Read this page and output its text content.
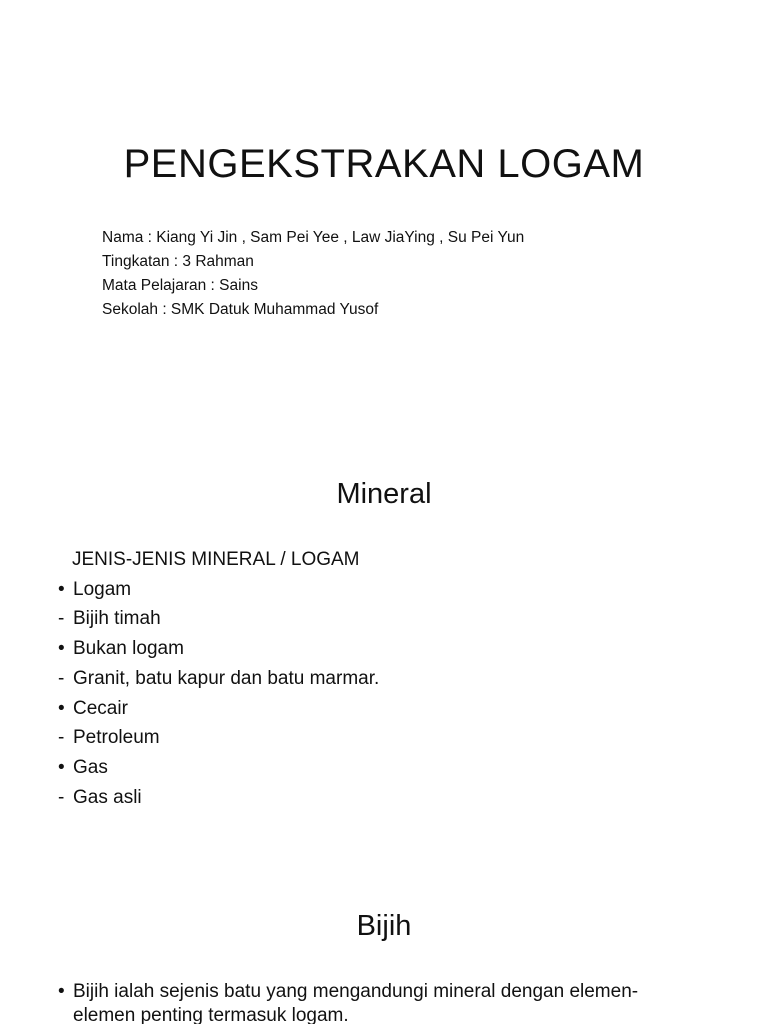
PENGEKSTRAKAN LOGAM
Nama : Kiang Yi Jin , Sam Pei Yee , Law JiaYing , Su Pei Yun
Tingkatan : 3 Rahman
Mata Pelajaran : Sains
Sekolah : SMK Datuk Muhammad Yusof
Mineral
JENIS-JENIS MINERAL / LOGAM
• Logam
- Bijih timah
• Bukan logam
- Granit, batu kapur dan batu marmar.
• Cecair
- Petroleum
• Gas
- Gas asli
Bijih
• Bijih ialah sejenis batu yang mengandungi mineral dengan elemen-
elemen penting termasuk logam.
